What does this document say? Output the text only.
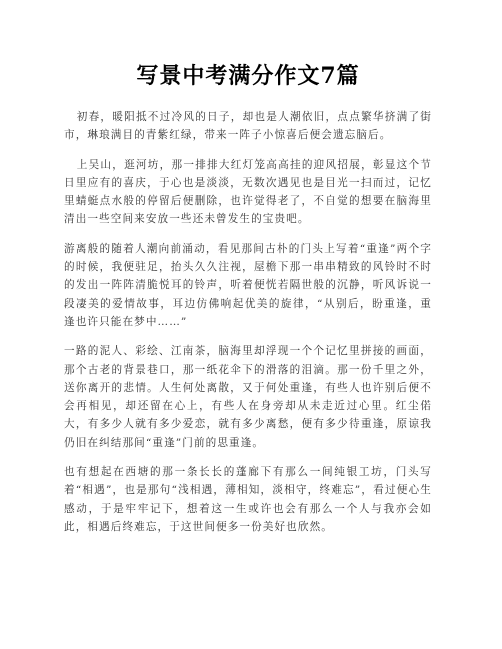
写景中考满分作文7篇

初春，暖阳抵不过冷风的日子，却也是人潮依旧，点点繁华挤满了街市，琳琅满目的青紫红绿，带来一阵子小惊喜后便会遗忘脑后。

上吴山，逛河坊，那一排排大红灯笼高高挂的迎风招展，彰显这个节日里应有的喜庆，于心也是淡淡，无数次遇见也是目光一扫而过，记忆里蜻蜓点水般的停留后便删除，也许觉得老了，不自觉的想要在脑海里清出一些空间来安放一些还未曾发生的宝贵吧。

游离般的随着人潮向前涌动，看见那间古朴的门头上写着“重逢”两个字的时候，我便驻足，抬头久久注视，屋檐下那一串串精致的风铃时不时的发出一阵阵清脆悦耳的铃声，听着便恍若隔世般的沉静，听风诉说一段凄美的爱情故事，耳边仿佛响起优美的旋律，“从别后，盼重逢，重逢也许只能在梦中……”

一路的泥人、彩绘、江南茶，脑海里却浮现一个个记忆里拼接的画面，那个古老的背景巷口，那一纸花伞下的滑落的泪滴。那一份千里之外，送你离开的悲情。人生何处离散，又于何处重逢，有些人也许别后便不会再相见，却还留在心上，有些人在身旁却从未走近过心里。红尘偌大，有多少人就有多少爱恋，就有多少离愁，便有多少待重逢，原谅我仍旧在纠结那间“重逢”门前的思重逢。

也有想起在西塘的那一条长长的蓬廊下有那么一间纯银工坊，门头写着“相遇”，也是那句“浅相遇，薄相知，淡相守，终难忘”，看过便心生感动，于是牢牢记下，想着这一生或许也会有那么一个人与我亦会如此，相遇后终难忘，于这世间便多一份美好也欣然。
